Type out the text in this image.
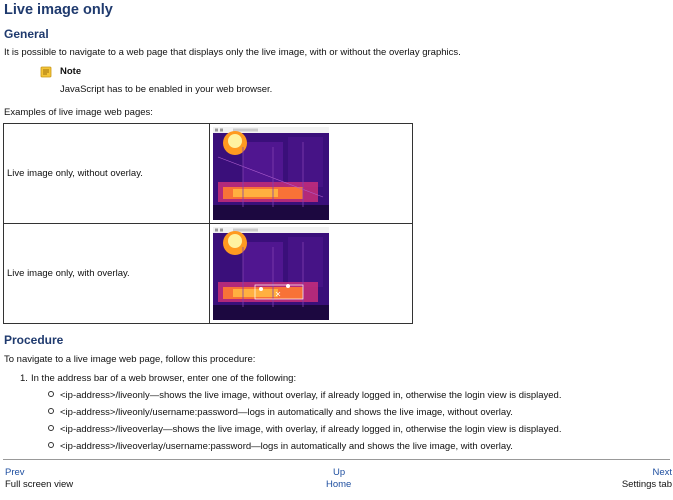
Live image only
General

It is possible to navigate to a web page that displays only the live image, with or without the overlay graphics.

Note
JavaScript has to be enabled in your web browser.

Examples of live image web pages:

Live image only, without overlay.	

Live image only, with overlay.	
Procedure

To navigate to a live image web page, follow this procedure:

1. In the address bar of a web browser, enter one of the following:
<ip-address>/liveonly—shows the live image, without overlay, if already logged in, otherwise the login view is displayed.
<ip-address>/liveonly/username:password—logs in automatically and shows the live image, without overlay.
<ip-address>/liveoverlay—shows the live image, with overlay, if already logged in, otherwise the login view is displayed.
<ip-address>/liveoverlay/username:password—logs in automatically and shows the live image, with overlay.
Prev
Full screen view
Up
Home
Next
Settings tab
